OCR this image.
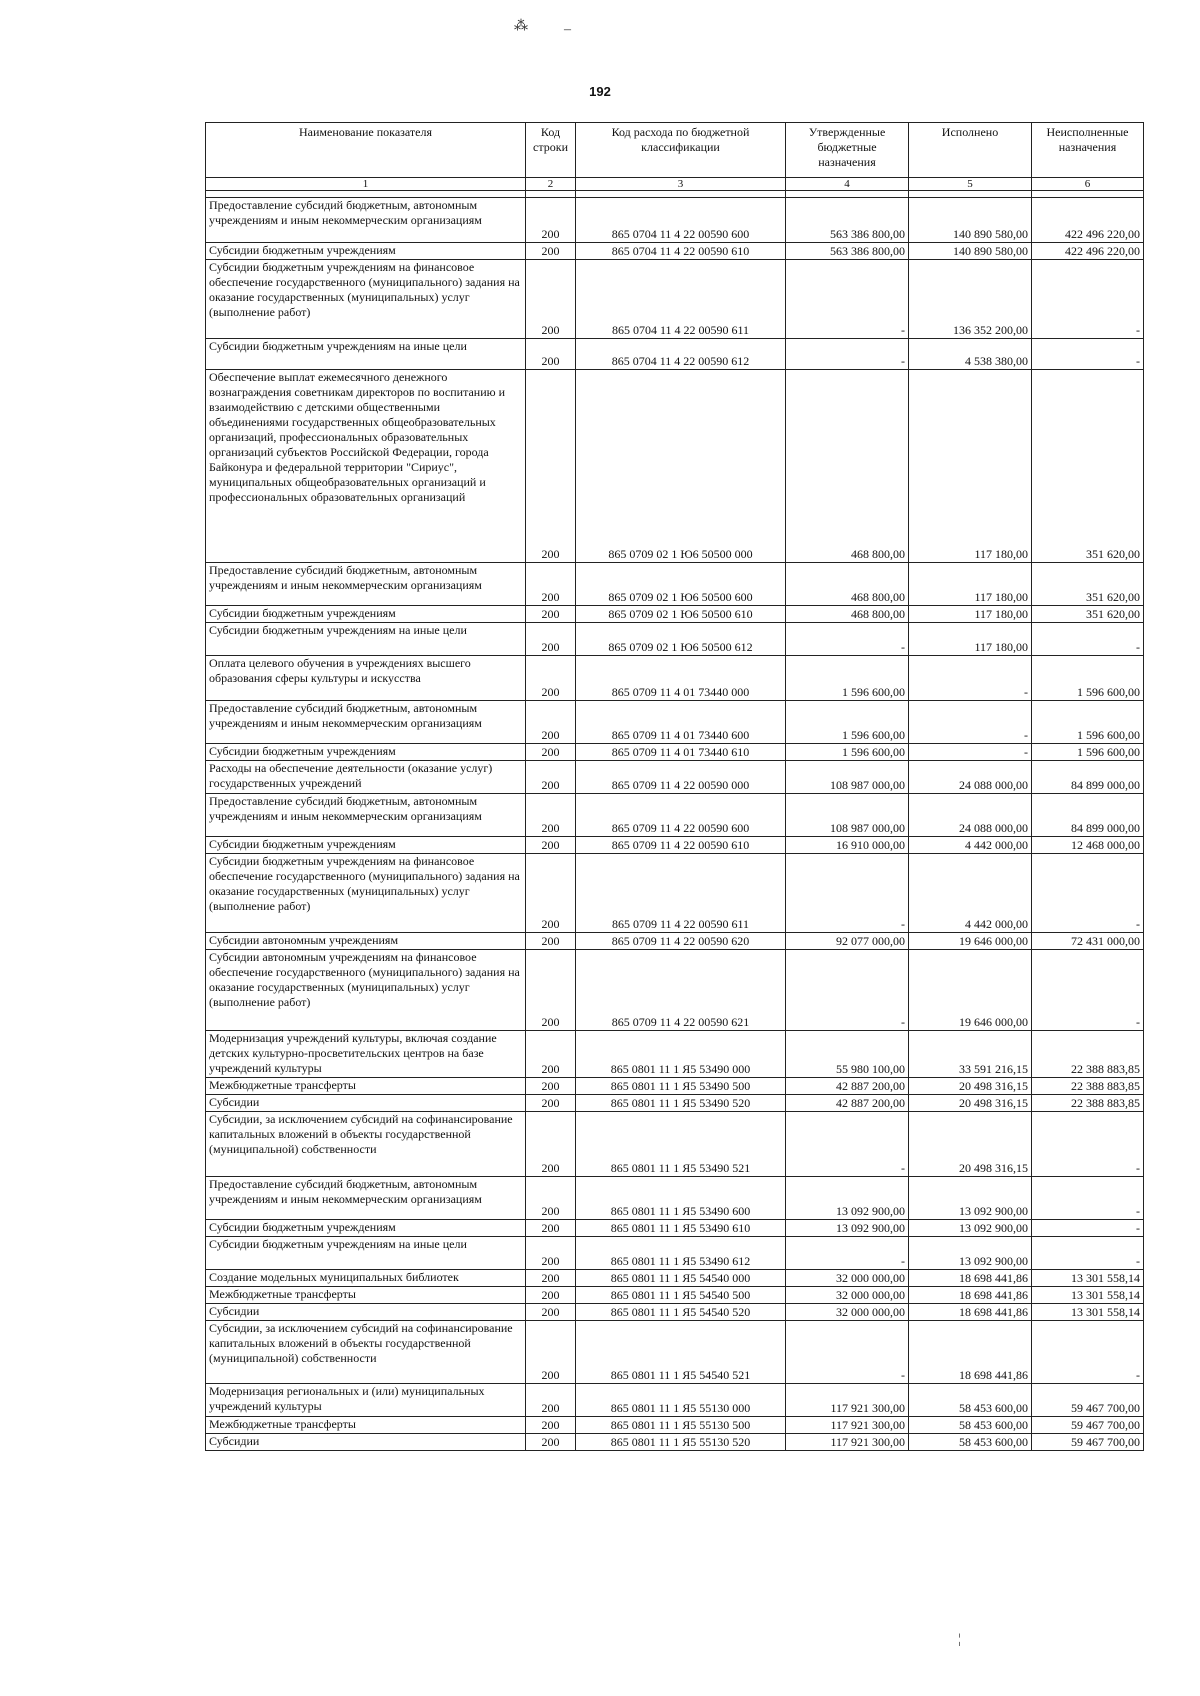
⁂	–
¦
192
Наименование показателя	Код строки	Код расхода по бюджетной классификации	Утвержденные бюджетные назначения	Исполнено	Неисполненные назначения
1	2	3	4	5	6

Предоставление субсидий бюджетным, автономным учреждениям и иным некоммерческим организациям	200	865 0704 11 4 22 00590 600	563 386 800,00	140 890 580,00	422 496 220,00
Субсидии бюджетным учреждениям	200	865 0704 11 4 22 00590 610	563 386 800,00	140 890 580,00	422 496 220,00
Субсидии бюджетным учреждениям на финансовое обеспечение государственного (муниципального) задания на оказание государственных (муниципальных) услуг (выполнение работ)	200	865 0704 11 4 22 00590 611	-	136 352 200,00	-
Субсидии бюджетным учреждениям на иные цели	200	865 0704 11 4 22 00590 612	-	4 538 380,00	-
Обеспечение выплат ежемесячного денежного вознаграждения советникам директоров по воспитанию и взаимодействию с детскими общественными объединениями государственных общеобразовательных организаций, профессиональных образовательных организаций субъектов Российской Федерации, города Байконура и федеральной территории "Сириус", муниципальных общеобразовательных организаций и профессиональных образовательных организаций	200	865 0709 02 1 Ю6 50500 000	468 800,00	117 180,00	351 620,00
Предоставление субсидий бюджетным, автономным учреждениям и иным некоммерческим организациям	200	865 0709 02 1 Ю6 50500 600	468 800,00	117 180,00	351 620,00
Субсидии бюджетным учреждениям	200	865 0709 02 1 Ю6 50500 610	468 800,00	117 180,00	351 620,00
Субсидии бюджетным учреждениям на иные цели	200	865 0709 02 1 Ю6 50500 612	-	117 180,00	-
Оплата целевого обучения в учреждениях высшего образования сферы культуры и искусства	200	865 0709 11 4 01 73440 000	1 596 600,00	-	1 596 600,00
Предоставление субсидий бюджетным, автономным учреждениям и иным некоммерческим организациям	200	865 0709 11 4 01 73440 600	1 596 600,00	-	1 596 600,00
Субсидии бюджетным учреждениям	200	865 0709 11 4 01 73440 610	1 596 600,00	-	1 596 600,00
Расходы на обеспечение деятельности (оказание услуг) государственных учреждений	200	865 0709 11 4 22 00590 000	108 987 000,00	24 088 000,00	84 899 000,00
Предоставление субсидий бюджетным, автономным учреждениям и иным некоммерческим организациям	200	865 0709 11 4 22 00590 600	108 987 000,00	24 088 000,00	84 899 000,00
Субсидии бюджетным учреждениям	200	865 0709 11 4 22 00590 610	16 910 000,00	4 442 000,00	12 468 000,00
Субсидии бюджетным учреждениям на финансовое обеспечение государственного (муниципального) задания на оказание государственных (муниципальных) услуг (выполнение работ)	200	865 0709 11 4 22 00590 611	-	4 442 000,00	-
Субсидии автономным учреждениям	200	865 0709 11 4 22 00590 620	92 077 000,00	19 646 000,00	72 431 000,00
Субсидии автономным учреждениям на финансовое обеспечение государственного (муниципального) задания на оказание государственных (муниципальных) услуг (выполнение работ)	200	865 0709 11 4 22 00590 621	-	19 646 000,00	-
Модернизация учреждений культуры, включая создание детских культурно-просветительских центров на базе учреждений культуры	200	865 0801 11 1 Я5 53490 000	55 980 100,00	33 591 216,15	22 388 883,85
Межбюджетные трансферты	200	865 0801 11 1 Я5 53490 500	42 887 200,00	20 498 316,15	22 388 883,85
Субсидии	200	865 0801 11 1 Я5 53490 520	42 887 200,00	20 498 316,15	22 388 883,85
Субсидии, за исключением субсидий на софинансирование капитальных вложений в объекты государственной (муниципальной) собственности	200	865 0801 11 1 Я5 53490 521	-	20 498 316,15	-
Предоставление субсидий бюджетным, автономным учреждениям и иным некоммерческим организациям	200	865 0801 11 1 Я5 53490 600	13 092 900,00	13 092 900,00	-
Субсидии бюджетным учреждениям	200	865 0801 11 1 Я5 53490 610	13 092 900,00	13 092 900,00	-
Субсидии бюджетным учреждениям на иные цели	200	865 0801 11 1 Я5 53490 612	-	13 092 900,00	-
Создание модельных муниципальных библиотек	200	865 0801 11 1 Я5 54540 000	32 000 000,00	18 698 441,86	13 301 558,14
Межбюджетные трансферты	200	865 0801 11 1 Я5 54540 500	32 000 000,00	18 698 441,86	13 301 558,14
Субсидии	200	865 0801 11 1 Я5 54540 520	32 000 000,00	18 698 441,86	13 301 558,14
Субсидии, за исключением субсидий на софинансирование капитальных вложений в объекты государственной (муниципальной) собственности	200	865 0801 11 1 Я5 54540 521	-	18 698 441,86	-
Модернизация региональных и (или) муниципальных учреждений культуры	200	865 0801 11 1 Я5 55130 000	117 921 300,00	58 453 600,00	59 467 700,00
Межбюджетные трансферты	200	865 0801 11 1 Я5 55130 500	117 921 300,00	58 453 600,00	59 467 700,00
Субсидии	200	865 0801 11 1 Я5 55130 520	117 921 300,00	58 453 600,00	59 467 700,00
